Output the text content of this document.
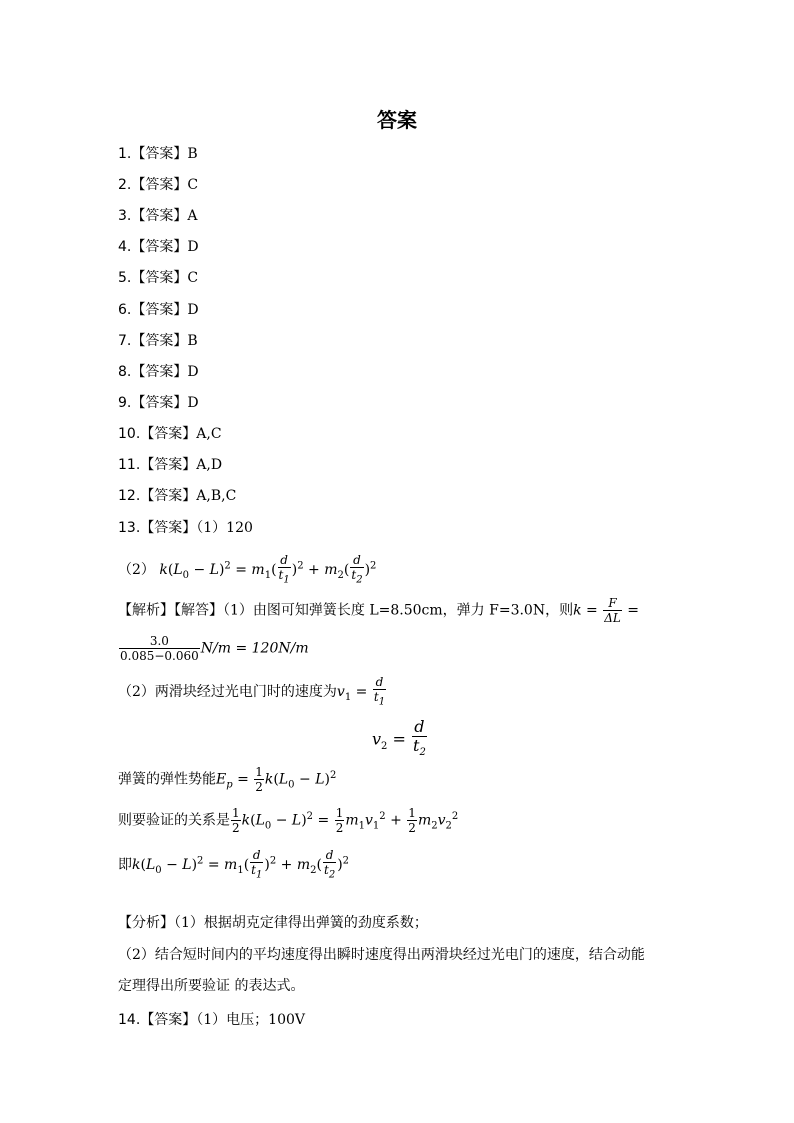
答案
1.【答案】B
2.【答案】C
3.【答案】A
4.【答案】D
5.【答案】C
6.【答案】D
7.【答案】B
8.【答案】D
9.【答案】D
10.【答案】A,C
11.【答案】A,D
12.【答案】A,B,C
13.【答案】（1）120
（2） $k(L_0 - L)^2 = m_1( \frac{d}{t_1} )^2 + m_2( \frac{d}{t_2} )^2$
【解析】【解答】（1）由图可知弹簧长度 L=8.50cm，弹力 F=3.0N，则$k = \frac{F}{\Delta L}$ =
$\frac{3.0}{0.085-0.060} N/m = 120N/m$
（2）两滑块经过光电门时的速度为$v_1 = \frac{d}{t_1}$
$v_2 = \frac{d}{t_2}$
弹簧的弹性势能$E_p = \frac{1}{2} k(L_0 - L)^2$
则要验证的关系是 $\frac{1}{2} k(L_0 - L)^2 = \frac{1}{2} m_1v_1^2 + \frac{1}{2} m_2v_2^2$
即$k(L_0 - L)^2 = m_1( \frac{d}{t_1} )^2 + m_2( \frac{d}{t_2} )^2$
【分析】（1）根据胡克定律得出弹簧的劲度系数；
（2）结合短时间内的平均速度得出瞬时速度得出两滑块经过光电门的速度，结合动能
定理得出所要验证 的表达式。
14.【答案】（1）电压；100V
